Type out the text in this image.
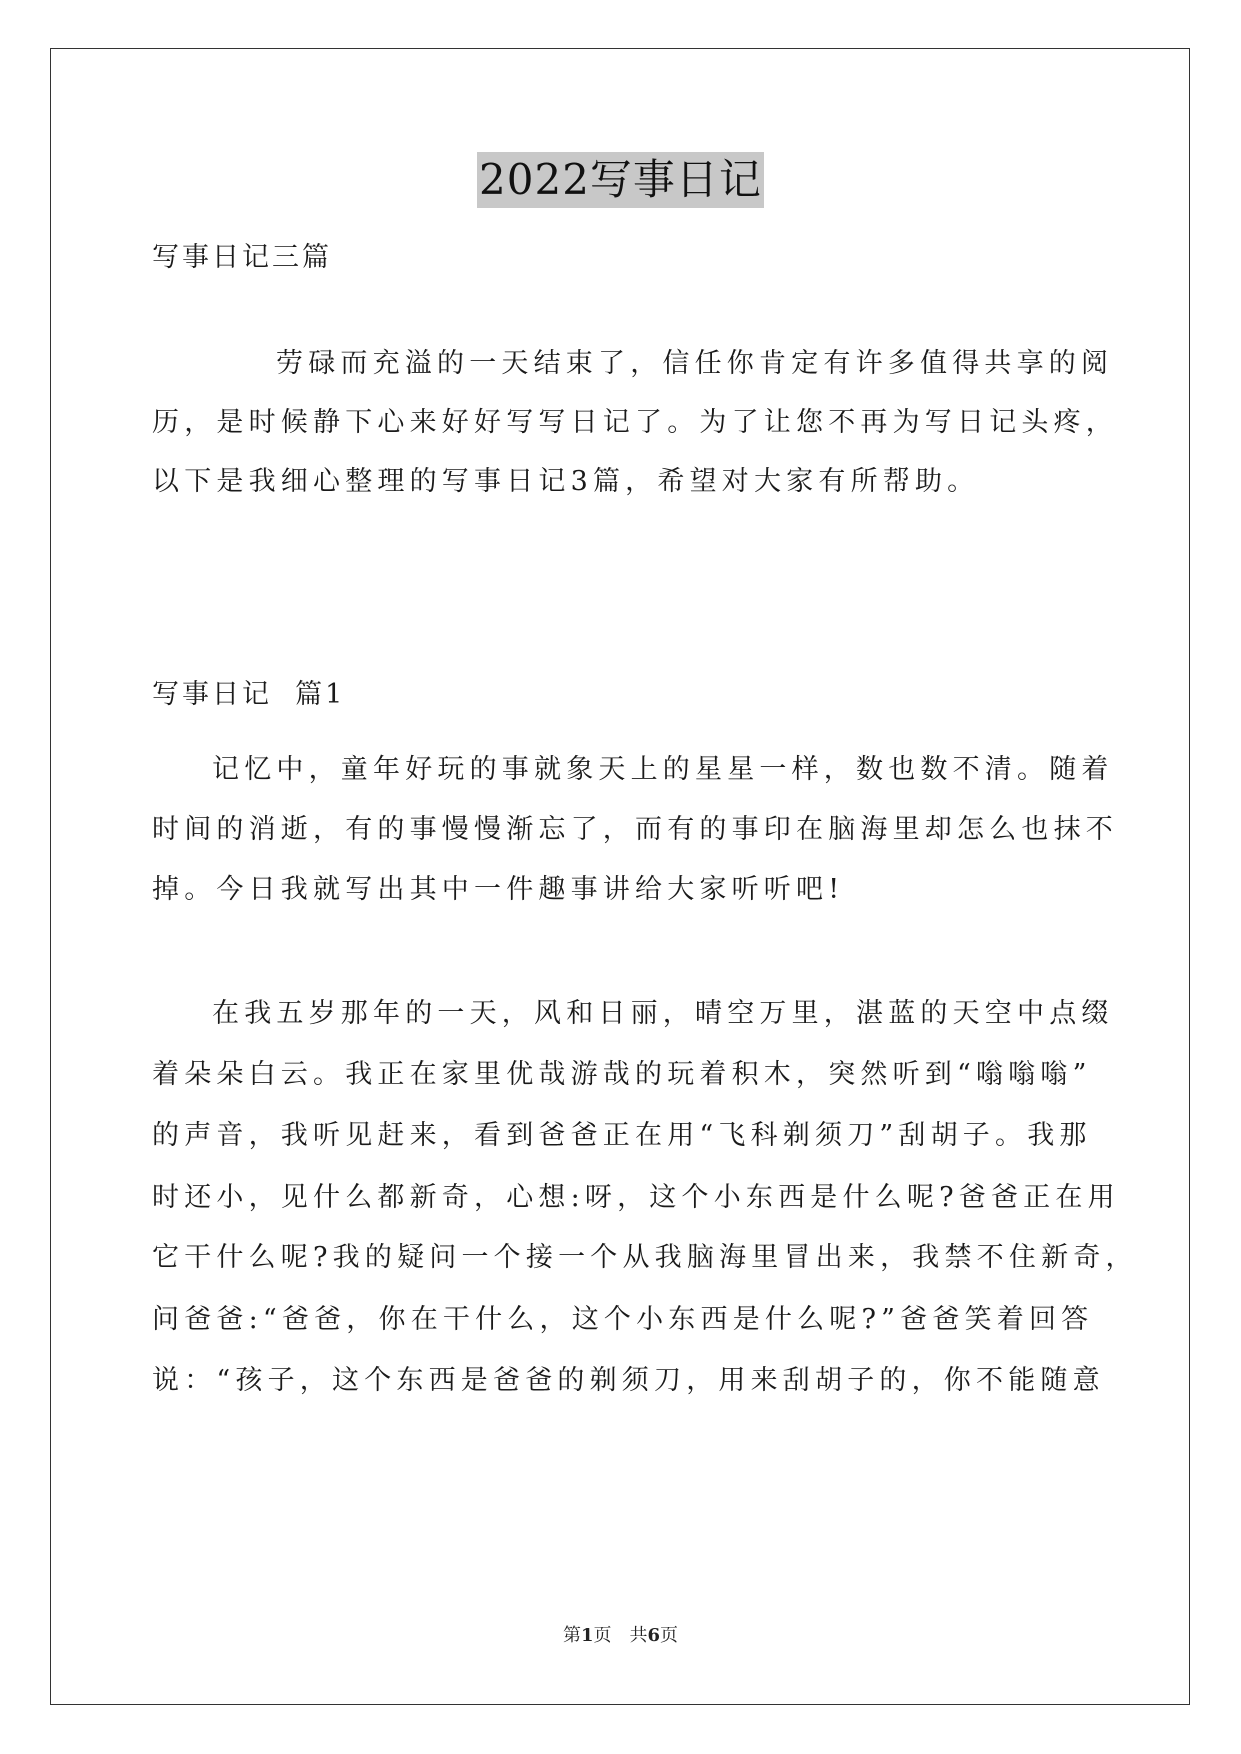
2022写事日记
写事日记三篇
劳碌而充溢的一天结束了，信任你肯定有许多值得共享的阅
历，是时候静下心来好好写写日记了。为了让您不再为写日记头疼，
以下是我细心整理的写事日记3篇，希望对大家有所帮助。
写事日记  篇1
记忆中，童年好玩的事就象天上的星星一样，数也数不清。随着
时间的消逝，有的事慢慢渐忘了，而有的事印在脑海里却怎么也抹不
掉。今日我就写出其中一件趣事讲给大家听听吧!
在我五岁那年的一天，风和日丽，晴空万里，湛蓝的天空中点缀
着朵朵白云。我正在家里优哉游哉的玩着积木，突然听到“嗡嗡嗡”
的声音，我听见赶来，看到爸爸正在用“飞科剃须刀”刮胡子。我那
时还小，见什么都新奇，心想:呀，这个小东西是什么呢?爸爸正在用
它干什么呢?我的疑问一个接一个从我脑海里冒出来，我禁不住新奇，
问爸爸:“爸爸，你在干什么，这个小东西是什么呢?”爸爸笑着回答
说：“孩子，这个东西是爸爸的剃须刀，用来刮胡子的，你不能随意
第1页　共6页
